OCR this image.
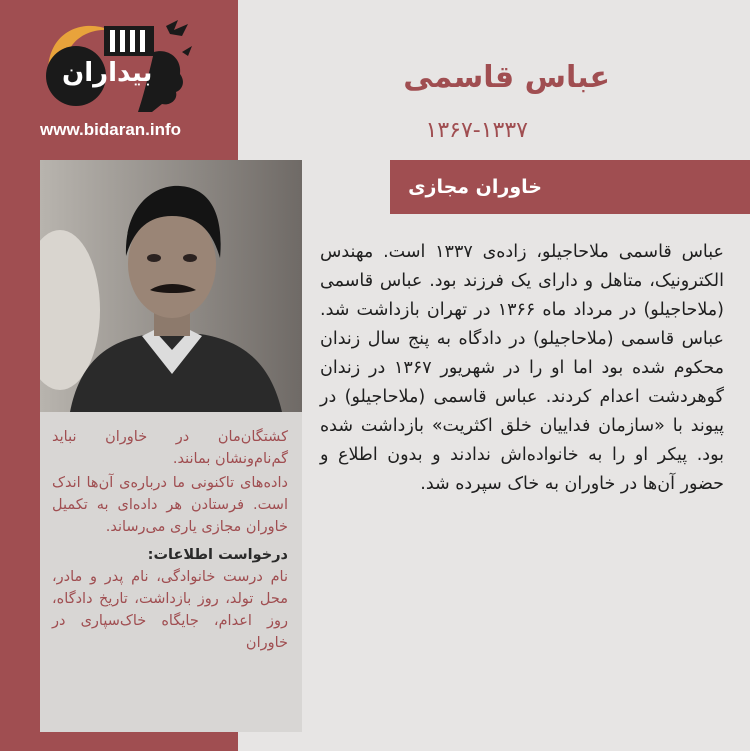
بیداران
www.bidaran.info

کشتگان‌مان در خاوران نباید گم‌نام‌ونشان بمانند.

داده‌های تاکنونی ما درباره‌ی آن‌ها اندک است. فرستادن هر داده‌ای به تکمیل خاوران مجازی یاری می‌رساند.

درخواست اطلاعات:

نام درست خانوادگی، نام پدر و مادر، محل تولد، روز بازداشت، تاریخ دادگاه، روز اعدام، جایگاه خاک‌سپاری در خاوران

عباس قاسمی
۱۳۶۷-۱۳۳۷
خاوران مجازی
عباس قاسمی ملاحاجیلو، زاده‌ی ۱۳۳۷ است. مهندس الکترونیک، متاهل و دارای یک فرزند بود. عباس قاسمی (ملاحاجیلو) در مرداد ماه ۱۳۶۶ در تهران بازداشت شد. عباس قاسمی (ملاحاجیلو) در دادگاه به پنج سال زندان محکوم شده بود اما او را در شهریور ۱۳۶۷ در زندان گوهردشت اعدام کردند. عباس قاسمی (ملاحاجیلو) در پیوند با «سازمان فداییان خلق اکثریت» بازداشت شده بود. پیکر او را به خانواده‌اش ندادند و بدون اطلاع و حضور آن‌ها در خاوران به خاک سپرده شد.
